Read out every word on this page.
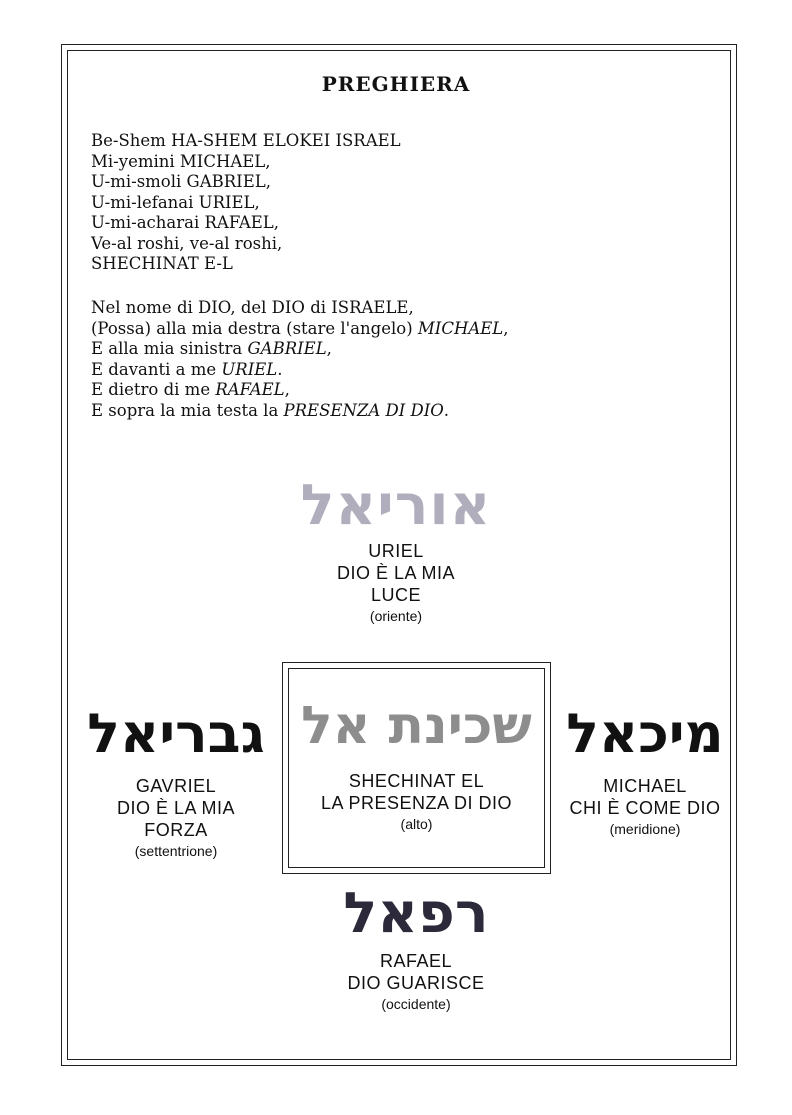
PREGHIERA

Be-Shem HA-SHEM ELOKEI ISRAEL
Mi-yemini MICHAEL,
U-mi-smoli GABRIEL,
U-mi-lefanai URIEL,
U-mi-acharai RAFAEL,
Ve-al roshi, ve-al roshi,
SHECHINAT E-L

Nel nome di DIO, del DIO di ISRAELE,
(Possa) alla mia destra (stare l'angelo) MICHAEL,
E alla mia sinistra GABRIEL,
E davanti a me URIEL.
E dietro di me RAFAEL,
E sopra la mia testa la PRESENZA DI DIO.

אוריאל
URIEL
DIO È LA MIA
LUCE
(oriente)
גבריאל
GAVRIEL
DIO È LA MIA
FORZA
(settentrione)
שכינת אל
SHECHINAT EL
LA PRESENZA DI DIO
(alto)
מיכאל
MICHAEL
CHI È COME DIO
(meridione)
רפאל
RAFAEL
DIO GUARISCE
(occidente)
